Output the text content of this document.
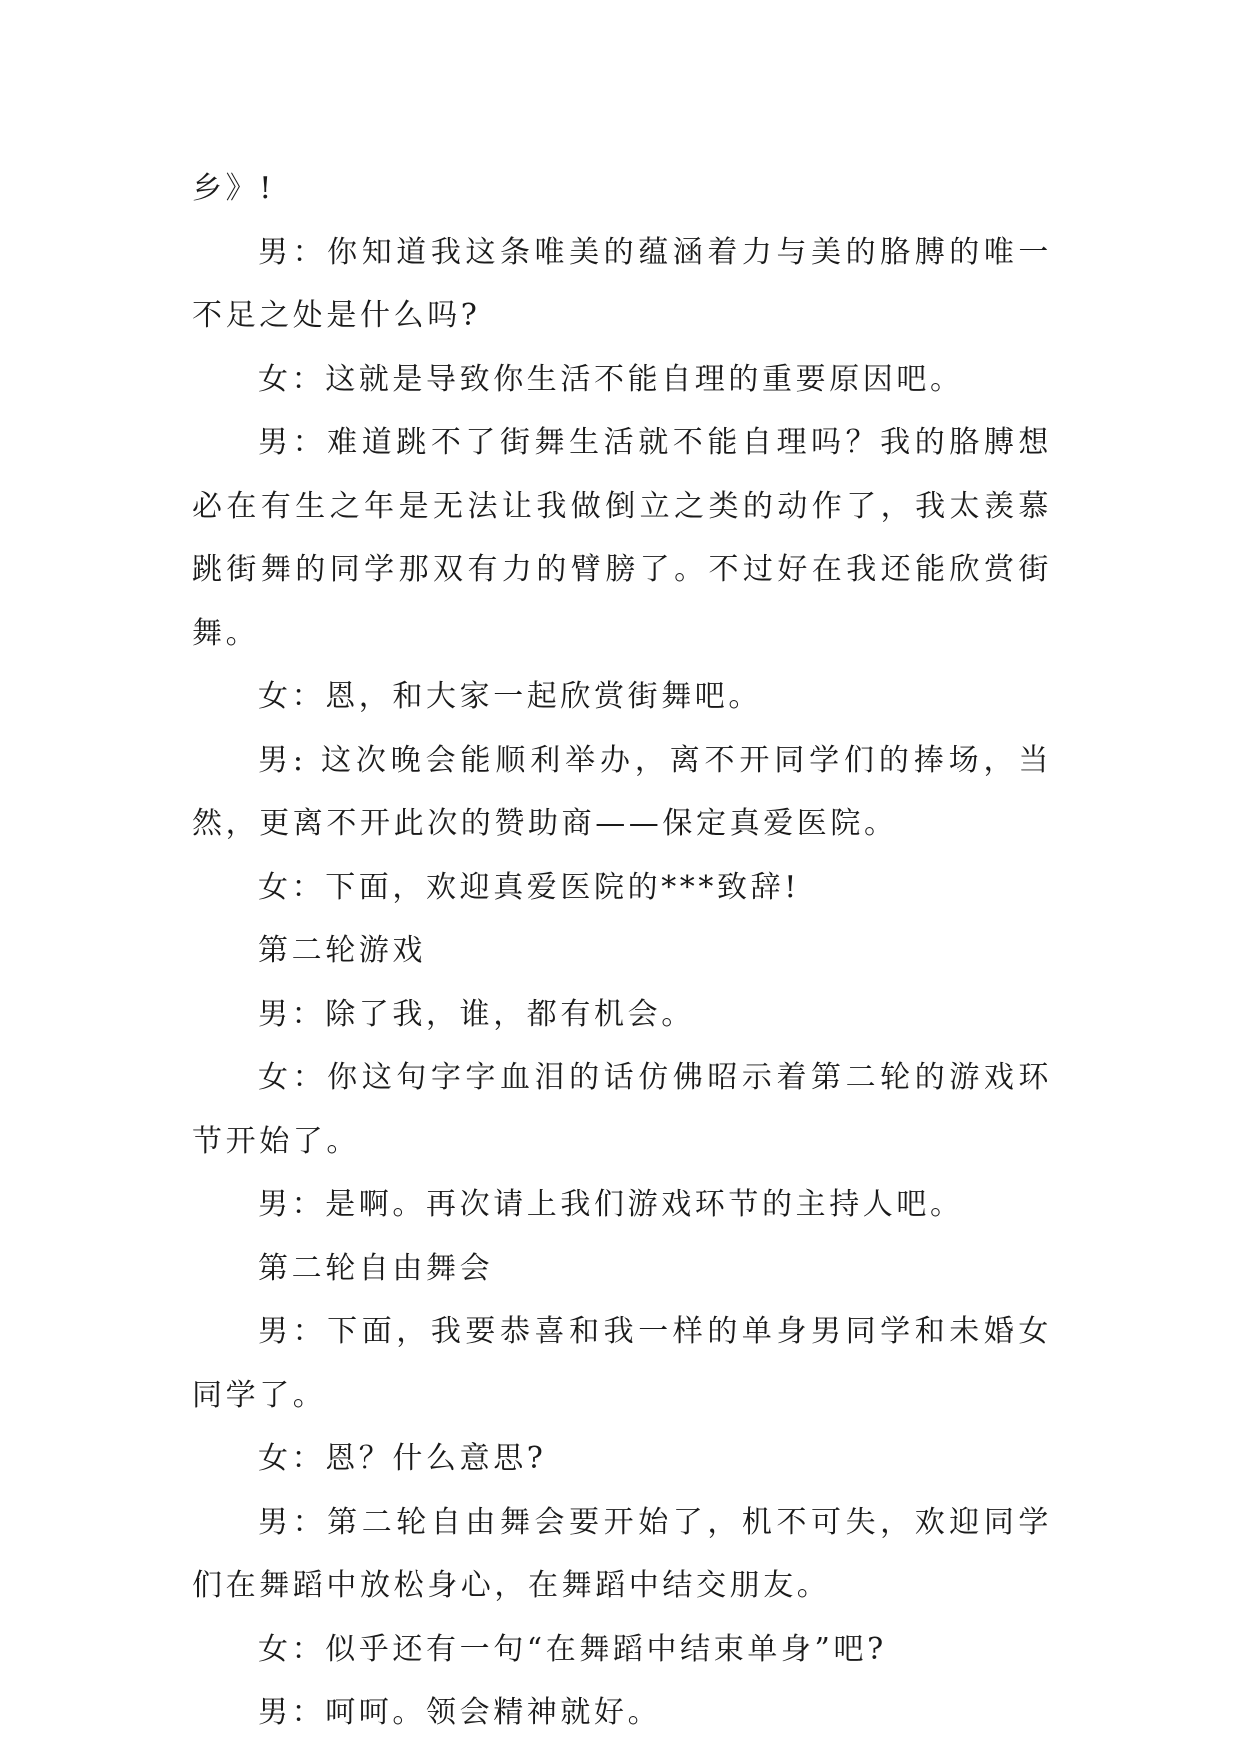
乡》!

男：你知道我这条唯美的蕴涵着力与美的胳膊的唯一不足之处是什么吗?

女：这就是导致你生活不能自理的重要原因吧。

男：难道跳不了街舞生活就不能自理吗？我的胳膊想必在有生之年是无法让我做倒立之类的动作了，我太羡慕跳街舞的同学那双有力的臂膀了。不过好在我还能欣赏街舞。

女：恩，和大家一起欣赏街舞吧。

男: 这次晚会能顺利举办，离不开同学们的捧场，当然，更离不开此次的赞助商——保定真爱医院。

女：下面，欢迎真爱医院的***致辞!

第二轮游戏

男：除了我，谁，都有机会。

女：你这句字字血泪的话仿佛昭示着第二轮的游戏环节开始了。

男：是啊。再次请上我们游戏环节的主持人吧。

第二轮自由舞会

男：下面，我要恭喜和我一样的单身男同学和未婚女同学了。

女：恩？什么意思?

男：第二轮自由舞会要开始了，机不可失，欢迎同学们在舞蹈中放松身心，在舞蹈中结交朋友。

女：似乎还有一句“在舞蹈中结束单身”吧?

男：呵呵。领会精神就好。
